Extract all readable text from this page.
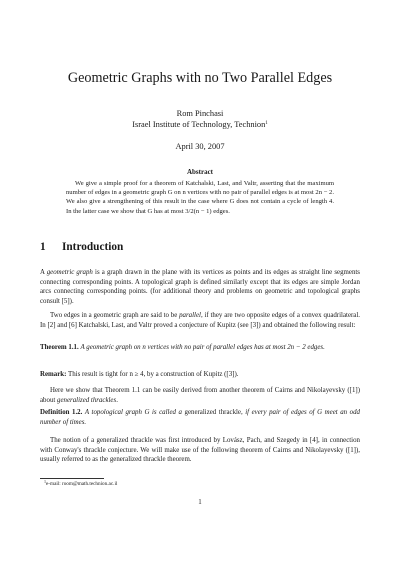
Geometric Graphs with no Two Parallel Edges
Rom Pinchasi
Israel Institute of Technology, Technion$^1$
April 30, 2007
Abstract
We give a simple proof for a theorem of Katchalski, Last, and Valtr, asserting that the maximum number of edges in a geometric graph G on n vertices with no pair of parallel edges is at most 2n − 2. We also give a strengthening of this result in the case where G does not contain a cycle of length 4. In the latter case we show that G has at most 3/2(n − 1) edges.
1 Introduction
A geometric graph is a graph drawn in the plane with its vertices as points and its edges as straight line segments connecting corresponding points. A topological graph is defined similarly except that its edges are simple Jordan arcs connecting corresponding points. (for additional theory and problems on geometric and topological graphs consult [5]).
Two edges in a geometric graph are said to be parallel, if they are two opposite edges of a convex quadrilateral. In [2] and [6] Katchalski, Last, and Valtr proved a conjecture of Kupitz (see [3]) and obtained the following result:
Theorem 1.1. A geometric graph on n vertices with no pair of parallel edges has at most 2n − 2 edges.
Remark: This result is tight for n ≥ 4, by a construction of Kupitz ([3]).
Here we show that Theorem 1.1 can be easily derived from another theorem of Cairns and Nikolayevsky ([1]) about generalized thrackles.
Definition 1.2. A topological graph G is called a generalized thrackle, if every pair of edges of G meet an odd number of times.
The notion of a generalized thrackle was first introduced by Lovász, Pach, and Szegedy in [4], in connection with Conway's thrackle conjecture. We will make use of the following theorem of Cairns and Nikolayevsky ([1]), usually referred to as the generalized thrackle theorem.
$^1$e-mail: room@math.technion.ac.il
1
